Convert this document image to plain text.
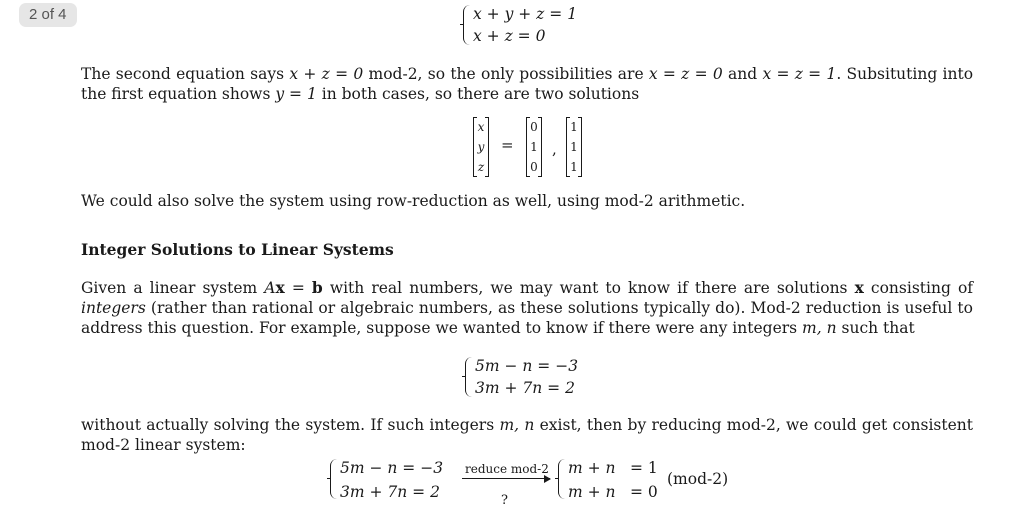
2 of 4	x + y + z = 1
x + z = 0
The second equation says x + z = 0 mod-2, so the only possibilities are x = z = 0 and x = z = 1. Subsituting into the first equation shows y = 1 in both cases, so there are two solutions
x
y
z
=
0
1
0
,
1
1
1
We could also solve the system using row-reduction as well, using mod-2 arithmetic.
Integer Solutions to Linear Systems
Given a linear system Ax = b with real numbers, we may want to know if there are solutions x consisting of integers (rather than rational or algebraic numbers, as these solutions typically do). Mod-2 reduction is useful to address this question. For example, suppose we wanted to know if there were any integers m, n such that
5m − n = −3
3m + 7n = 2
without actually solving the system. If such integers m, n exist, then by reducing mod-2, we could get consistent mod-2 linear system:
5m − n = −3
3m + 7n = 2
reduce mod-2
?
m + n = 1
m + n = 0
(mod-2)
